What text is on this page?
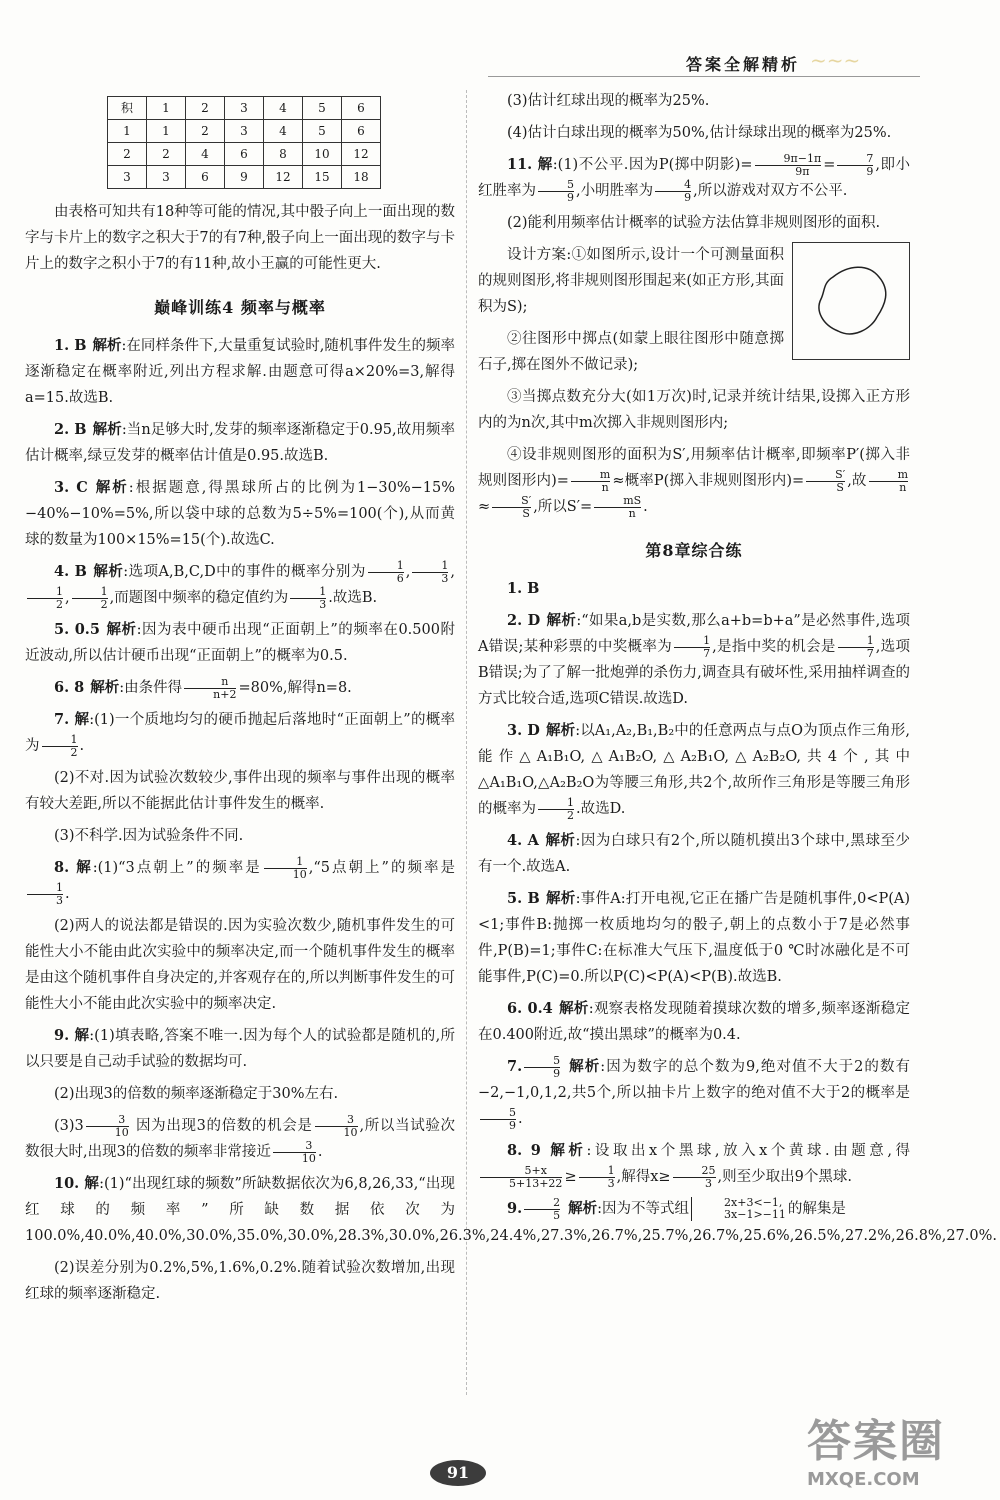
答案全解精析 ~~~
积	1	2	3	4	5	6
1	1	2	3	4	5	6
2	2	4	6	8	10	12
3	3	6	9	12	15	18

由表格可知共有18种等可能的情况,其中骰子向上一面出现的数字与卡片上的数字之积大于7的有7种,骰子向上一面出现的数字与卡片上的数字之积小于7的有11种,故小王赢的可能性更大.

巅峰训练4 频率与概率

1. B 解析:在同样条件下,大量重复试验时,随机事件发生的频率逐渐稳定在概率附近,列出方程求解.由题意可得a×20%=3,解得a=15.故选B.

2. B 解析:当n足够大时,发芽的频率逐渐稳定于0.95,故用频率估计概率,绿豆发芽的概率估计值是0.95.故选B.

3. C 解析:根据题意,得黑球所占的比例为1−30%−15%−40%−10%=5%,所以袋中球的总数为5÷5%=100(个),从而黄球的数量为100×15%=15(个).故选C.

4. B 解析:选项A,B,C,D中的事件的概率分别为 $\frac{1}{6}$ , $\frac{1}{3}$ ,
$\frac{1}{2}$ , $\frac{1}{2}$ ,而题图中频率的稳定值约为 $\frac{1}{3}$ .故选B.

5. 0.5 解析:因为表中硬币出现“正面朝上”的频率在0.500附近波动,所以估计硬币出现“正面朝上”的概率为0.5.

6. 8 解析:由条件得 $\frac{n}{n+2} =80\%$,解得n=8.

7. 解:(1)一个质地均匀的硬币抛起后落地时“正面朝上”的概率为 $\frac{1}{2}$ .

(2)不对.因为试验次数较少,事件出现的频率与事件出现的概率有较大差距,所以不能据此估计事件发生的概率.

(3)不科学.因为试验条件不同.

8. 解:(1)“3点朝上”的频率是 $\frac{1}{10}$ ,“5点朝上”的频率是
$\frac{1}{3}$ .

(2)两人的说法都是错误的.因为实验次数少,随机事件发生的可能性大小不能由此次实验中的频率决定,而一个随机事件发生的概率是由这个随机事件自身决定的,并客观存在的,所以判断事件发生的可能性大小不能由此次实验中的频率决定.

9. 解:(1)填表略,答案不唯一.因为每个人的试验都是随机的,所以只要是自己动手试验的数据均可.

(2)出现3的倍数的频率逐渐稳定于30%左右.

$(3)3 \frac{3}{10}$ 因为出现3的倍数的机会是 $\frac{3}{10}$ ,所以当试验次数很大时,出现3的倍数的频率非常接近 $\frac{3}{10}$ .

10. 解:(1)“出现红球的频数”所缺数据依次为6,8,26,33,“出现红球的频率”所缺数据依次为100.0%,40.0%,40.0%,30.0%,35.0%,30.0%,28.3%,30.0%,26.3%,24.4%,27.3%,26.7%,25.7%,26.7%,25.6%,26.5%,27.2%,26.8%,27.0%.

(2)误差分别为0.2%,5%,1.6%,0.2%.随着试验次数增加,出现红球的频率逐渐稳定.

(3)估计红球出现的概率为25%.

(4)估计白球出现的概率为50%,估计绿球出现的概率为25%.

11. 解:(1)不公平.因为P(掷中阴影)= $\frac{9\pi-1\pi}{9\pi} = \frac{7}{9}$ ,即小红胜率为 $\frac{5}{9}$ ,小明胜率为 $\frac{4}{9}$ ,所以游戏对双方不公平.

(2)能利用频率估计概率的试验方法估算非规则图形的面积.

设计方案:①如图所示,设计一个可测量面积的规则图形,将非规则图形围起来(如正方形,其面积为S);

②往图形中掷点(如蒙上眼往图形中随意掷石子,掷在图外不做记录);

③当掷点数充分大(如1万次)时,记录并统计结果,设掷入正方形内的为n次,其中m次掷入非规则图形内;

④设非规则图形的面积为S′,用频率估计概率,即频率P′(掷入非规则图形内)= $\frac{m}{n}$ ≈概率P(掷入非规则图形内)= $\frac{S'}{S}$ ,故 $\frac{m}{n}$
≈ $\frac{S'}{S}$ ,所以$S'= \frac{mS}{n}$ .

第8章综合练

1. B

2. D 解析:“如果a,b是实数,那么a+b=b+a”是必然事件,选项A错误;某种彩票的中奖概率为 $\frac{1}{7}$ ,是指中奖的机会是 $\frac{1}{7}$ ,选项B错误;为了了解一批炮弹的杀伤力,调查具有破坏性,采用抽样调查的方式比较合适,选项C错误.故选D.

3. D 解析:以A₁,A₂,B₁,B₂中的任意两点与点O为顶点作三角形,能作△A₁B₁O,△A₁B₂O,△A₂B₁O,△A₂B₂O,共4个,其中△A₁B₁O,△A₂B₂O为等腰三角形,共2个,故所作三角形是等腰三角形的概率为 $\frac{1}{2}$ .故选D.

4. A 解析:因为白球只有2个,所以随机摸出3个球中,黑球至少有一个.故选A.

5. B 解析:事件A:打开电视,它正在播广告是随机事件,0<P(A)<1;事件B:抛掷一枚质地均匀的骰子,朝上的点数小于7是必然事件,P(B)=1;事件C:在标准大气压下,温度低于0 ℃时冰融化是不可能事件,P(C)=0.所以P(C)<P(A)<P(B).故选B.

6. 0.4 解析:观察表格发现随着摸球次数的增多,频率逐渐稳定在0.400附近,故“摸出黑球”的概率为0.4.

7. $\frac{5}{9}$ 解析:因为数字的总个数为9,绝对值不大于2的数有−2,−1,0,1,2,共5个,所以抽卡片上数字的绝对值不大于2的概率是
$\frac{5}{9}$ .

8. 9 解析:设取出x个黑球,放入x个黄球.由题意,得
$\frac{5+x}{5+13+22} \ge \frac{1}{3}$ ,解得$x\ge \frac{25}{3}$ ,则至少取出9个黑球.

9. $\frac{2}{5}$ 解析:因为不等式组	2x+3<−1,
3x−1>−11 的解集是

91
答案圈
MXQE.COM
